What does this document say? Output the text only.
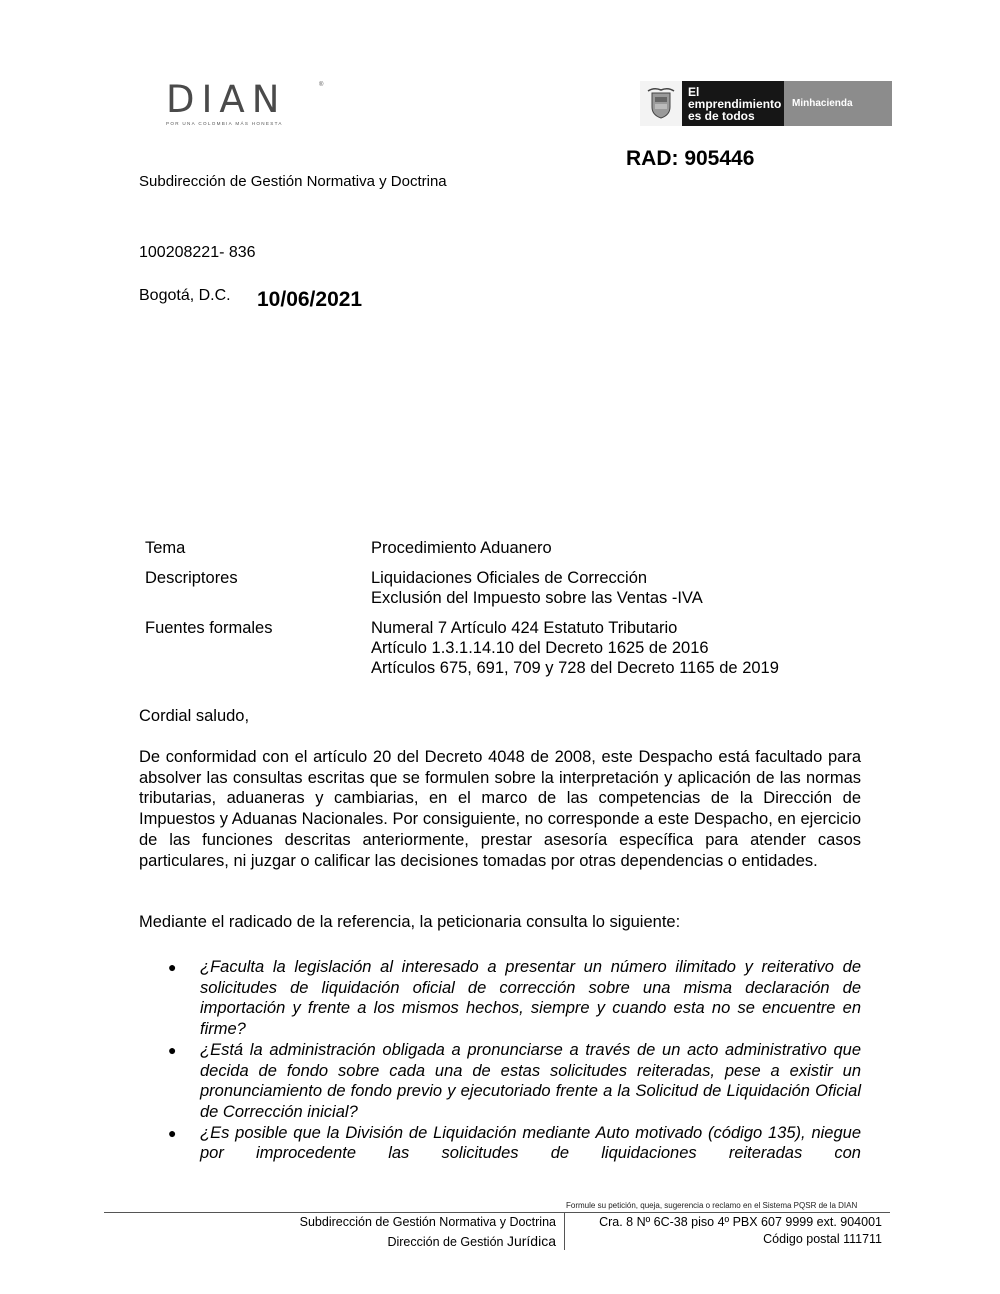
DIAN
POR UNA COLOMBIA MÁS HONESTA
®	El emprendimiento
es de todos
Minhacienda
RAD: 905446
Subdirección de Gestión Normativa y Doctrina
100208221- 836
Bogotá, D.C. 10/06/2021
Tema	Procedimiento Aduanero
Descriptores	Liquidaciones Oficiales de Corrección
Exclusión del Impuesto sobre las Ventas -IVA
Fuentes formales	Numeral 7 Artículo 424 Estatuto Tributario
Artículo 1.3.1.14.10 del Decreto 1625 de 2016
Artículos 675, 691, 709 y 728 del Decreto 1165 de 2019
Cordial saludo,
De conformidad con el artículo 20 del Decreto 4048 de 2008, este Despacho está facultado para absolver las consultas escritas que se formulen sobre la interpretación y aplicación de las normas tributarias, aduaneras y cambiarias, en el marco de las competencias de la Dirección de Impuestos y Aduanas Nacionales. Por consiguiente, no corresponde a este Despacho, en ejercicio de las funciones descritas anteriormente, prestar asesoría específica para atender casos particulares, ni juzgar o calificar las decisiones tomadas por otras dependencias o entidades.
Mediante el radicado de la referencia, la peticionaria consulta lo siguiente:
●	¿Faculta la legislación al interesado a presentar un número ilimitado y reiterativo de solicitudes de liquidación oficial de corrección sobre una misma declaración de importación y frente a los mismos hechos, siempre y cuando esta no se encuentre en firme?
●	¿Está la administración obligada a pronunciarse a través de un acto administrativo que decida de fondo sobre cada una de estas solicitudes reiteradas, pese a existir un pronunciamiento de fondo previo y ejecutoriado frente a la Solicitud de Liquidación Oficial de Corrección inicial?
●	¿Es posible que la División de Liquidación mediante Auto motivado (código 135), niegue por improcedente las solicitudes de liquidaciones reiteradas con
Formule su petición, queja, sugerencia o reclamo en el Sistema PQSR de la DIAN
Subdirección de Gestión Normativa y Doctrina
Dirección de Gestión Jurídica
Cra. 8 Nº 6C-38 piso 4º PBX 607 9999 ext. 904001
Código postal 111711
